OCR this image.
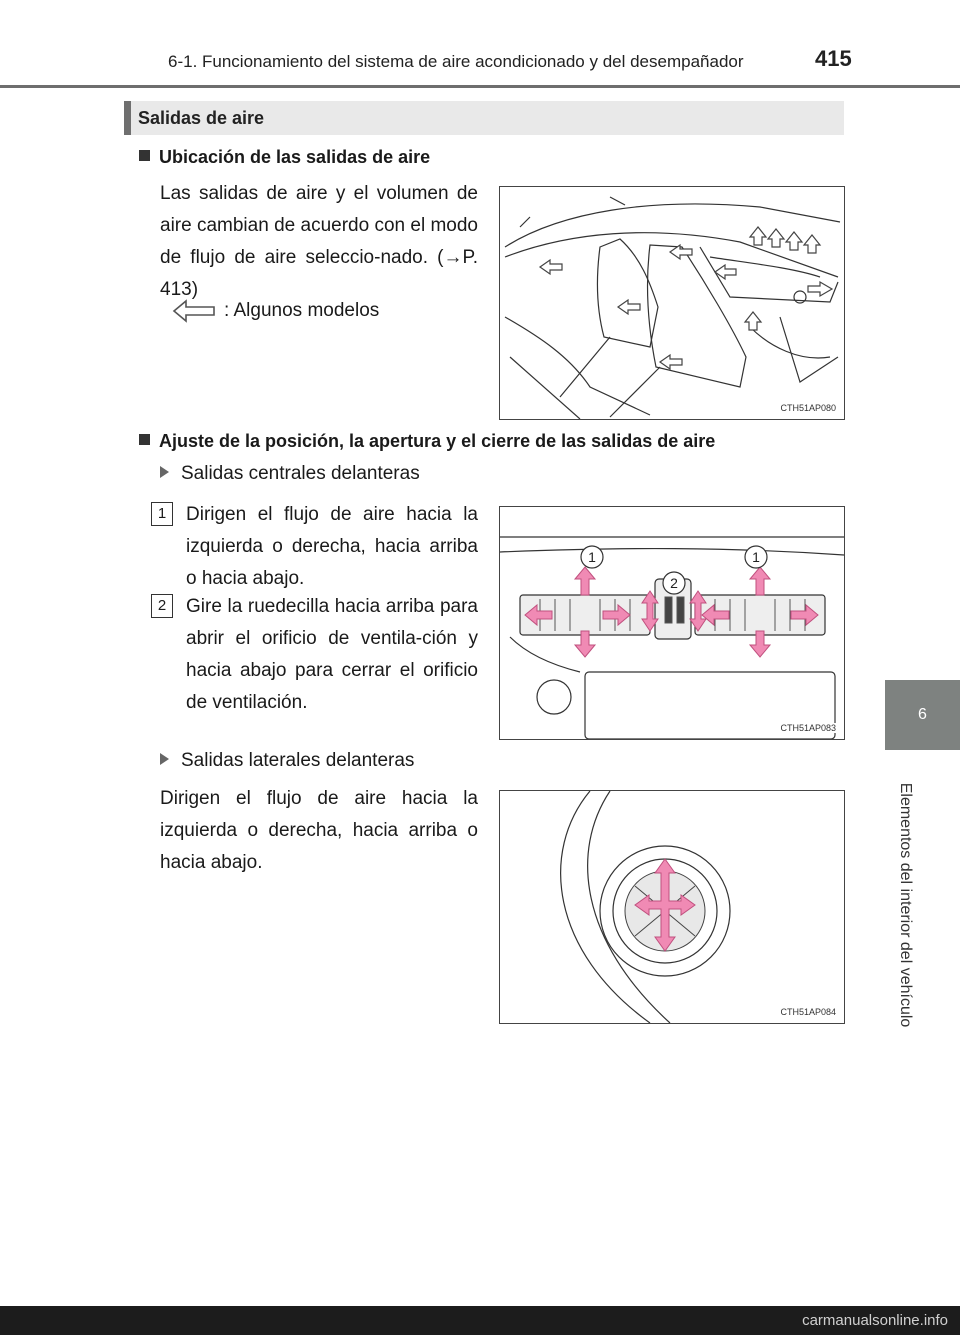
6-1. Funcionamiento del sistema de aire acondicionado y del desempañador	415
6
Elementos del interior del vehículo
Salidas de aire
Ubicación de las salidas de aire
Las salidas de aire y el volumen de aire cambian de acuerdo con el modo de flujo de aire seleccio-nado. (→P. 413)
: Algunos modelos
CTH51AP080
Ajuste de la posición, la apertura y el cierre de las salidas de aire
Salidas centrales delanteras
1	Dirigen el flujo de aire hacia la izquierda o derecha, hacia arriba o hacia abajo.
2	Gire la ruedecilla hacia arriba para abrir el orificio de ventila-ción y hacia abajo para cerrar el orificio de ventilación.
1	1
2
CTH51AP083
Salidas laterales delanteras
Dirigen el flujo de aire hacia la izquierda o derecha, hacia arriba o hacia abajo.
CTH51AP084
carmanualsonline.info
